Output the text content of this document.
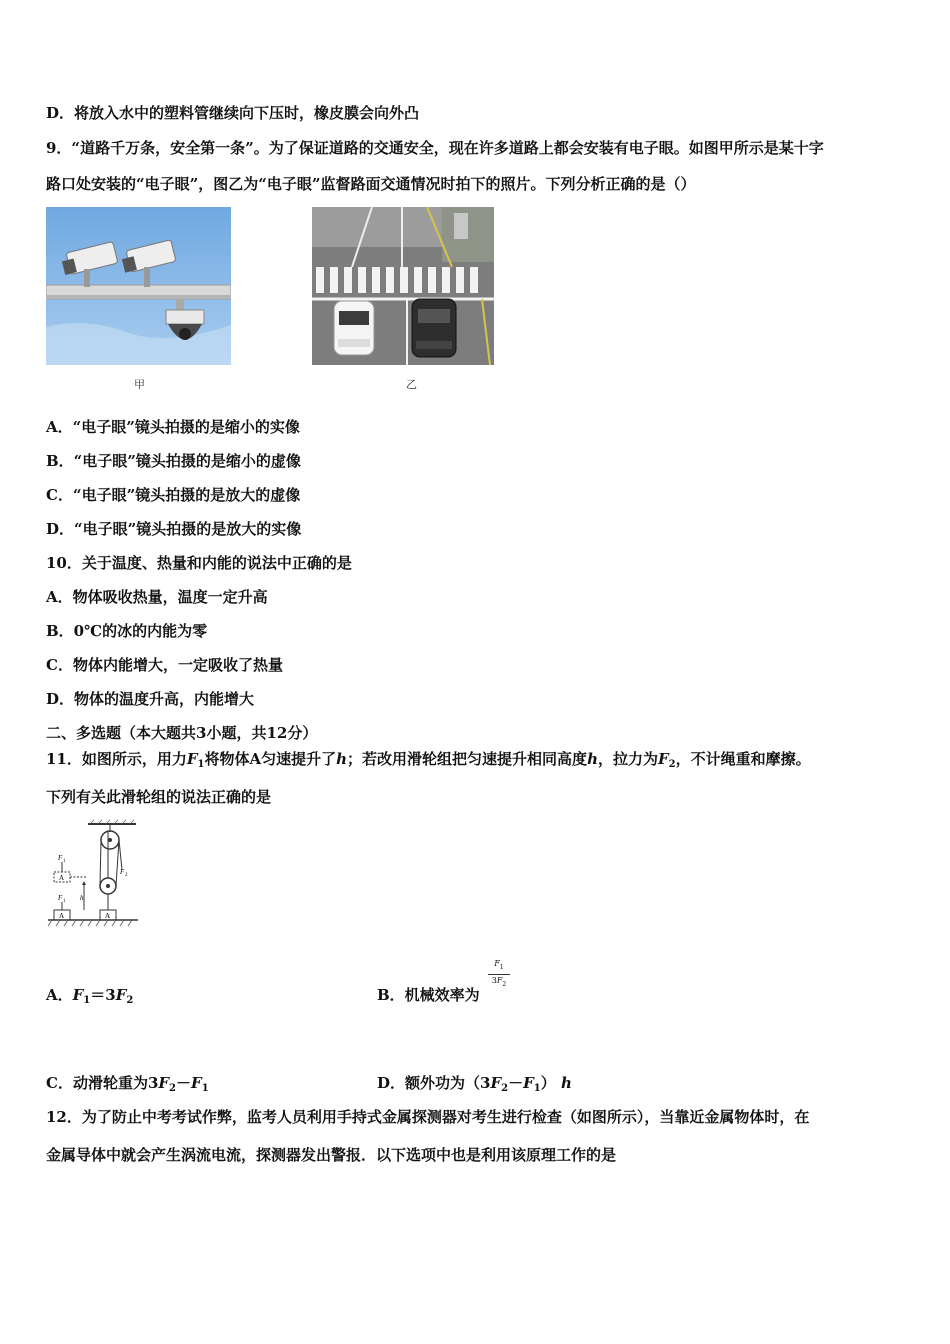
D．将放入水中的塑料管继续向下压时，橡皮膜会向外凸
9．“道路千万条，安全第一条”。为了保证道路的交通安全，现在许多道路上都会安装有电子眼。如图甲所示是某十字
路口处安装的“电子眼”，图乙为“电子眼”监督路面交通情况时拍下的照片。下列分析正确的是（）
甲	乙
A．“电子眼”镜头拍摄的是缩小的实像
B．“电子眼”镜头拍摄的是缩小的虚像
C．“电子眼”镜头拍摄的是放大的虚像
D．“电子眼”镜头拍摄的是放大的实像
10．关于温度、热量和内能的说法中正确的是
A．物体吸收热量，温度一定升高
B．0℃的冰的内能为零
C．物体内能增大，一定吸收了热量
D．物体的温度升高，内能增大
二、多选题（本大题共3小题，共12分）
11．如图所示，用力$F_1$将物体A匀速提升了h；若改用滑轮组把匀速提升相同高度h，拉力为$F_2$，不计绳重和摩擦。
下列有关此滑轮组的说法正确的是
F 2
A
A
F 1
A
F 1
h
A．$F_1=3F_2$	B．机械效率为
$F_1$
$3F_2$
C．动滑轮重为$3F_2-F_1$	D．额外功为$(3F_2-F_1)$ h
12．为了防止中考考试作弊，监考人员利用手持式金属探测器对考生进行检查（如图所示），当靠近金属物体时，在
金属导体中就会产生涡流电流，探测器发出警报．以下选项中也是利用该原理工作的是
